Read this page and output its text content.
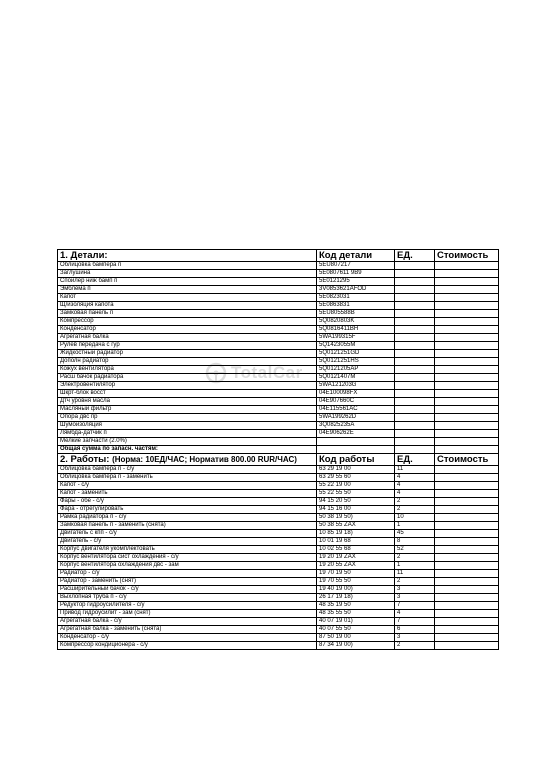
TotalCar
1. Детали:	Код детали	ЕД.	Стоимость
Облицовка бампера п	5EU807217		
Заглушина	5E0807611 9B9		
Спойлер ниж бамп п	5E0121295		
Эмблема п	3V0853621AFOD		
Капот	5E0823031		
Щ/изоляция капота	5E0863831		
Замковая панель п	5EU805588B		
Компрессор	5Q0820803K		
Конденсатор	5Q0816411BH		
Агрегатная балка	5WA199315F		
Рулев передача с гур	5Q1423055M		
Жидкостный радиатор	5Q0121251GD		
Дополн радиатор	5Q0121251HS		
Кожух вентилятора	5Q0121205AP		
Расш бачок радиатора	5Q0121407M		
Электровентилятор	5WA121203G		
Шкрт-блок восст	04E100098FX		
Дтч уровня масла	04E907660C		
Масляный фильтр	04E115561AC		
Опора двс пр	5WA199262D		
Шумоизоляция	3Q0825235A		
Лямбда-датчик п	04E906262E		
Мелкие запчасти (2.0%)			
Общая сумма по запасн. частям:			
2. Работы: (Норма: 10ЕД/ЧАС; Норматив 800.00 RUR/ЧАС)	Код работы	ЕД.	Стоимость
Облицовка бампера п - с/у	63 29 19 00	11	
Облицовка бампера п - заменить	63 29 55 60	4	
Капот - с/у	55 22 19 00	4	
Капот - заменить	55 22 55 50	4	
Фары - обе - с/у	94 15 20 50	2	
Фара - отрегулировать	94 15 16 00	2	
Рамка радиатора п - с/у	50 38 19 50)	10	
Замковая панель п - заменить (снята)	50 38 55 ZAX	1	
Двигатель с кпп - с/у	10 85 19 18)	45	
Двигатель - с/у	10 01 19 68	8	
Корпус двигателя укомплектовать	10 02 55 68	52	
Корпус вентилятора сист охлаждения - с/у	19 20 19 ZAX	2	
Корпус вентилятора охлаждения двс - зам	19 20 55 ZAX	1	
Радиатор - с/у	19 70 19 50	11	
Радиатор - заменить (снят)	19 70 55 50	2	
Расширительный бачок - с/у	19 40 19 00)	3	
Выхлопная труба п - с/у	26 17 19 18)	3	
Редуктор гидроусилителя - с/у	48 35 19 50	7	
Привод гидроусилит - зам (снят)	48 35 55 50	4	
Агрегатная балка - с/у	40 07 19 01)	7	
Агрегатная балка - заменить (снята)	40 07 55 50	6	
Конденсатор - с/у	87 50 19 00	3	
Компрессор кондиционера - с/у	87 34 19 00)	2	
